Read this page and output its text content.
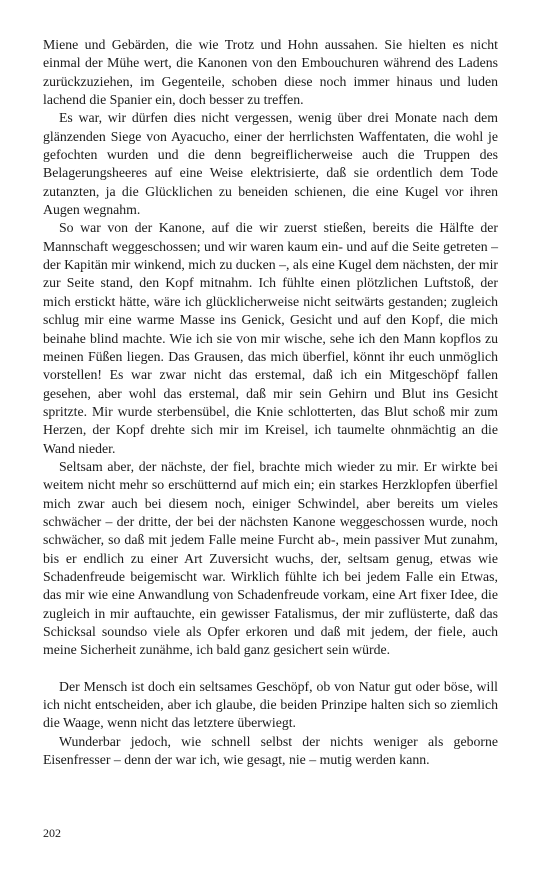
Miene und Gebärden, die wie Trotz und Hohn aussahen. Sie hielten es nicht einmal der Mühe wert, die Kanonen von den Embouchuren während des Ladens zurückzuziehen, im Gegenteile, schoben diese noch immer hinaus und luden lachend die Spanier ein, doch besser zu treffen.

Es war, wir dürfen dies nicht vergessen, wenig über drei Monate nach dem glänzenden Siege von Ayacucho, einer der herrlichsten Waffentaten, die wohl je gefochten wurden und die denn begreiflicherweise auch die Truppen des Belagerungsheeres auf eine Weise elektrisierte, daß sie ordentlich dem Tode zutanzten, ja die Glücklichen zu beneiden schienen, die eine Kugel vor ihren Augen wegnahm.

So war von der Kanone, auf die wir zuerst stießen, bereits die Hälfte der Mannschaft weggeschossen; und wir waren kaum ein- und auf die Seite getreten – der Kapitän mir winkend, mich zu ducken –, als eine Kugel dem nächsten, der mir zur Seite stand, den Kopf mitnahm. Ich fühlte einen plötzlichen Luftstoß, der mich erstickt hätte, wäre ich glücklicherweise nicht seitwärts gestanden; zugleich schlug mir eine warme Masse ins Genick, Gesicht und auf den Kopf, die mich beinahe blind machte. Wie ich sie von mir wische, sehe ich den Mann kopflos zu meinen Füßen liegen. Das Grausen, das mich überfiel, könnt ihr euch unmöglich vorstellen! Es war zwar nicht das erstemal, daß ich ein Mitgeschöpf fallen gesehen, aber wohl das erstemal, daß mir sein Gehirn und Blut ins Gesicht spritzte. Mir wurde sterbensübel, die Knie schlotterten, das Blut schoß mir zum Herzen, der Kopf drehte sich mir im Kreisel, ich taumelte ohnmächtig an die Wand nieder.

Seltsam aber, der nächste, der fiel, brachte mich wieder zu mir. Er wirkte bei weitem nicht mehr so erschütternd auf mich ein; ein starkes Herzklopfen überfiel mich zwar auch bei diesem noch, einiger Schwindel, aber bereits um vieles schwächer – der dritte, der bei der nächsten Kanone weggeschossen wurde, noch schwächer, so daß mit jedem Falle meine Furcht ab-, mein passiver Mut zunahm, bis er endlich zu einer Art Zuversicht wuchs, der, seltsam genug, etwas wie Schadenfreude beigemischt war. Wirklich fühlte ich bei jedem Falle ein Etwas, das mir wie eine Anwandlung von Schadenfreude vorkam, eine Art fixer Idee, die zugleich in mir auftauchte, ein gewisser Fatalismus, der mir zuflüsterte, daß das Schicksal soundso viele als Opfer erkoren und daß mit jedem, der fiele, auch meine Sicherheit zunähme, ich bald ganz gesichert sein würde.

Der Mensch ist doch ein seltsames Geschöpf, ob von Natur gut oder böse, will ich nicht entscheiden, aber ich glaube, die beiden Prinzipe halten sich so ziemlich die Waage, wenn nicht das letztere überwiegt.

Wunderbar jedoch, wie schnell selbst der nichts weniger als geborne Eisenfresser – denn der war ich, wie gesagt, nie – mutig werden kann.

202
